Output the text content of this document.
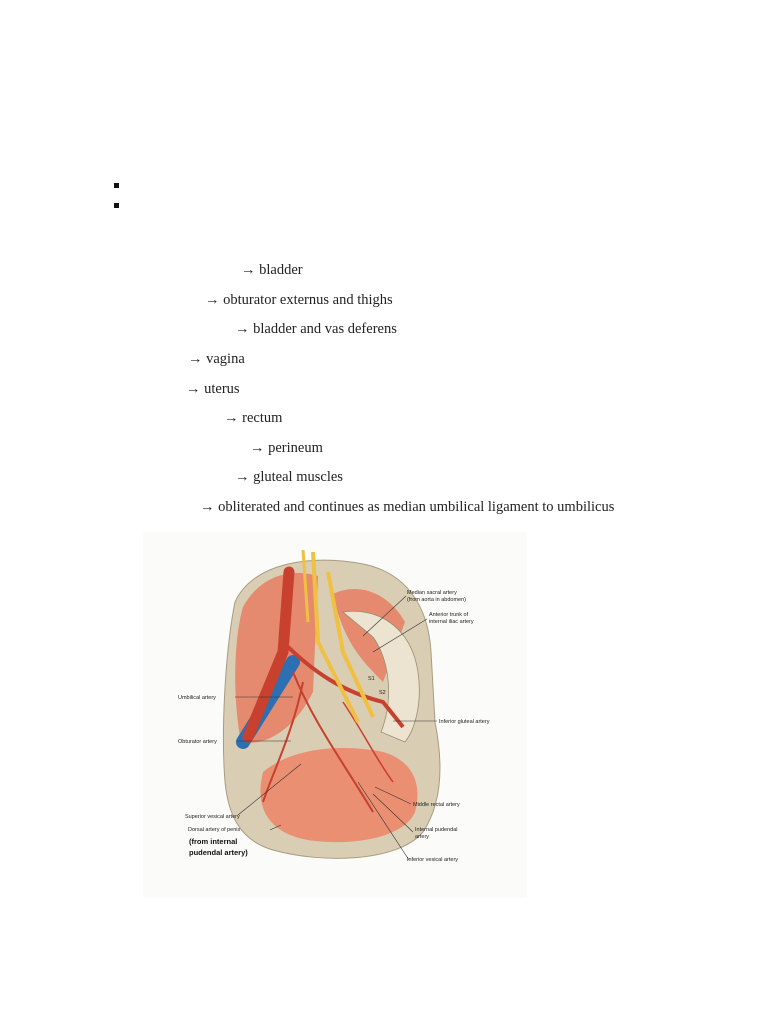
→ bladder
→ obturator externus and thighs
→ bladder and vas deferens
→ vagina
→ uterus
→ rectum
→ perineum
→ gluteal muscles
→ obliterated and continues as median umbilical ligament to umbilicus
Median sacral artery
(from aorta in abdomen)
Anterior trunk of
internal iliac artery
Umbilical artery
Obturator artery
Inferior gluteal artery
Superior vesical artery
Dorsal artery of penis
(from internal
pudendal artery)
Middle rectal artery
Internal pudendal
artery
Inferior vesical artery
S1
S2
